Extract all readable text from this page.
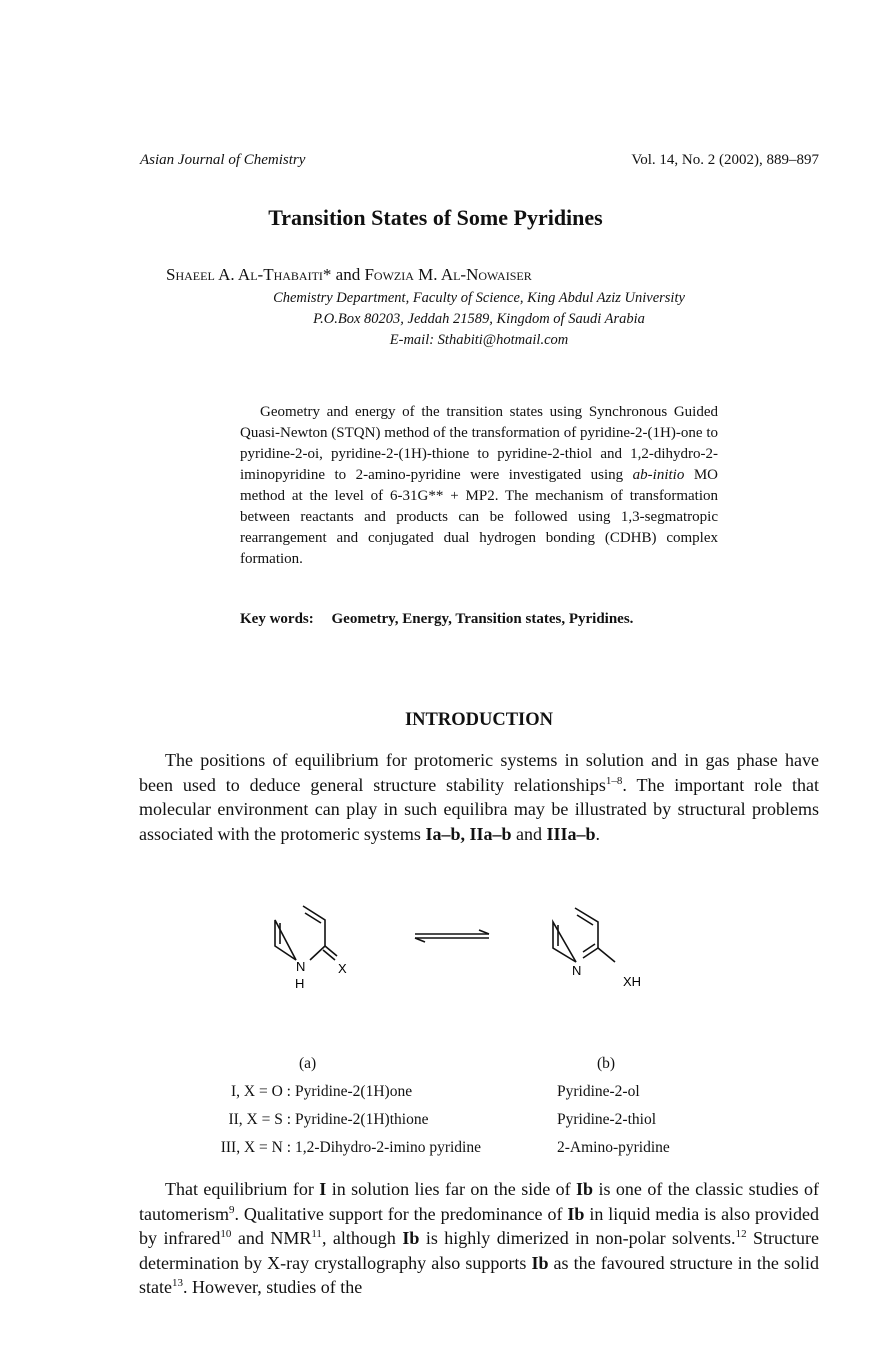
Asian Journal of Chemistry	Vol. 14, No. 2 (2002), 889–897
Transition States of Some Pyridines
Shaeel A. Al-Thabaiti* and Fowzia M. Al-Nowaiser
Chemistry Department, Faculty of Science, King Abdul Aziz University
P.O.Box 80203, Jeddah 21589, Kingdom of Saudi Arabia
E-mail: Sthabiti@hotmail.com
Geometry and energy of the transition states using Synchronous Guided Quasi-Newton (STQN) method of the transformation of pyridine-2-(1H)-one to pyridine-2-oi, pyridine-2-(1H)-thione to pyridine-2-thiol and 1,2-dihydro-2-iminopyridine to 2-amino-pyridine were investigated using ab-initio MO method at the level of 6-31G** + MP2. The mechanism of transformation between reactants and products can be followed using 1,3-segmatropic rearrangement and conjugated dual hydrogen bonding (CDHB) complex formation.
Key words: Geometry, Energy, Transition states, Pyridines.
INTRODUCTION

The positions of equilibrium for protomeric systems in solution and in gas phase have been used to deduce general structure stability relationships$^{1-8}$. The important role that molecular environment can play in such equilibra may be illustrated by structural problems associated with the protomeric systems Ia–b, IIa–b and IIIa–b.

N
H
X	N
XH
(a)	(b)
I, X = O : Pyridine-2(1H)one	Pyridine-2-ol
II, X = S : Pyridine-2(1H)thione	Pyridine-2-thiol
III, X = N : 1,2-Dihydro-2-imino pyridine	2-Amino-pyridine

That equilibrium for I in solution lies far on the side of Ib is one of the classic studies of tautomerism$^9$. Qualitative support for the predominance of Ib in liquid media is also provided by infrared$^{10}$ and NMR$^{11}$, although Ib is highly dimerized in non-polar solvents.$^{12}$ Structure determination by X-ray crystallography also supports Ib as the favoured structure in the solid state$^{13}$. However, studies of the
